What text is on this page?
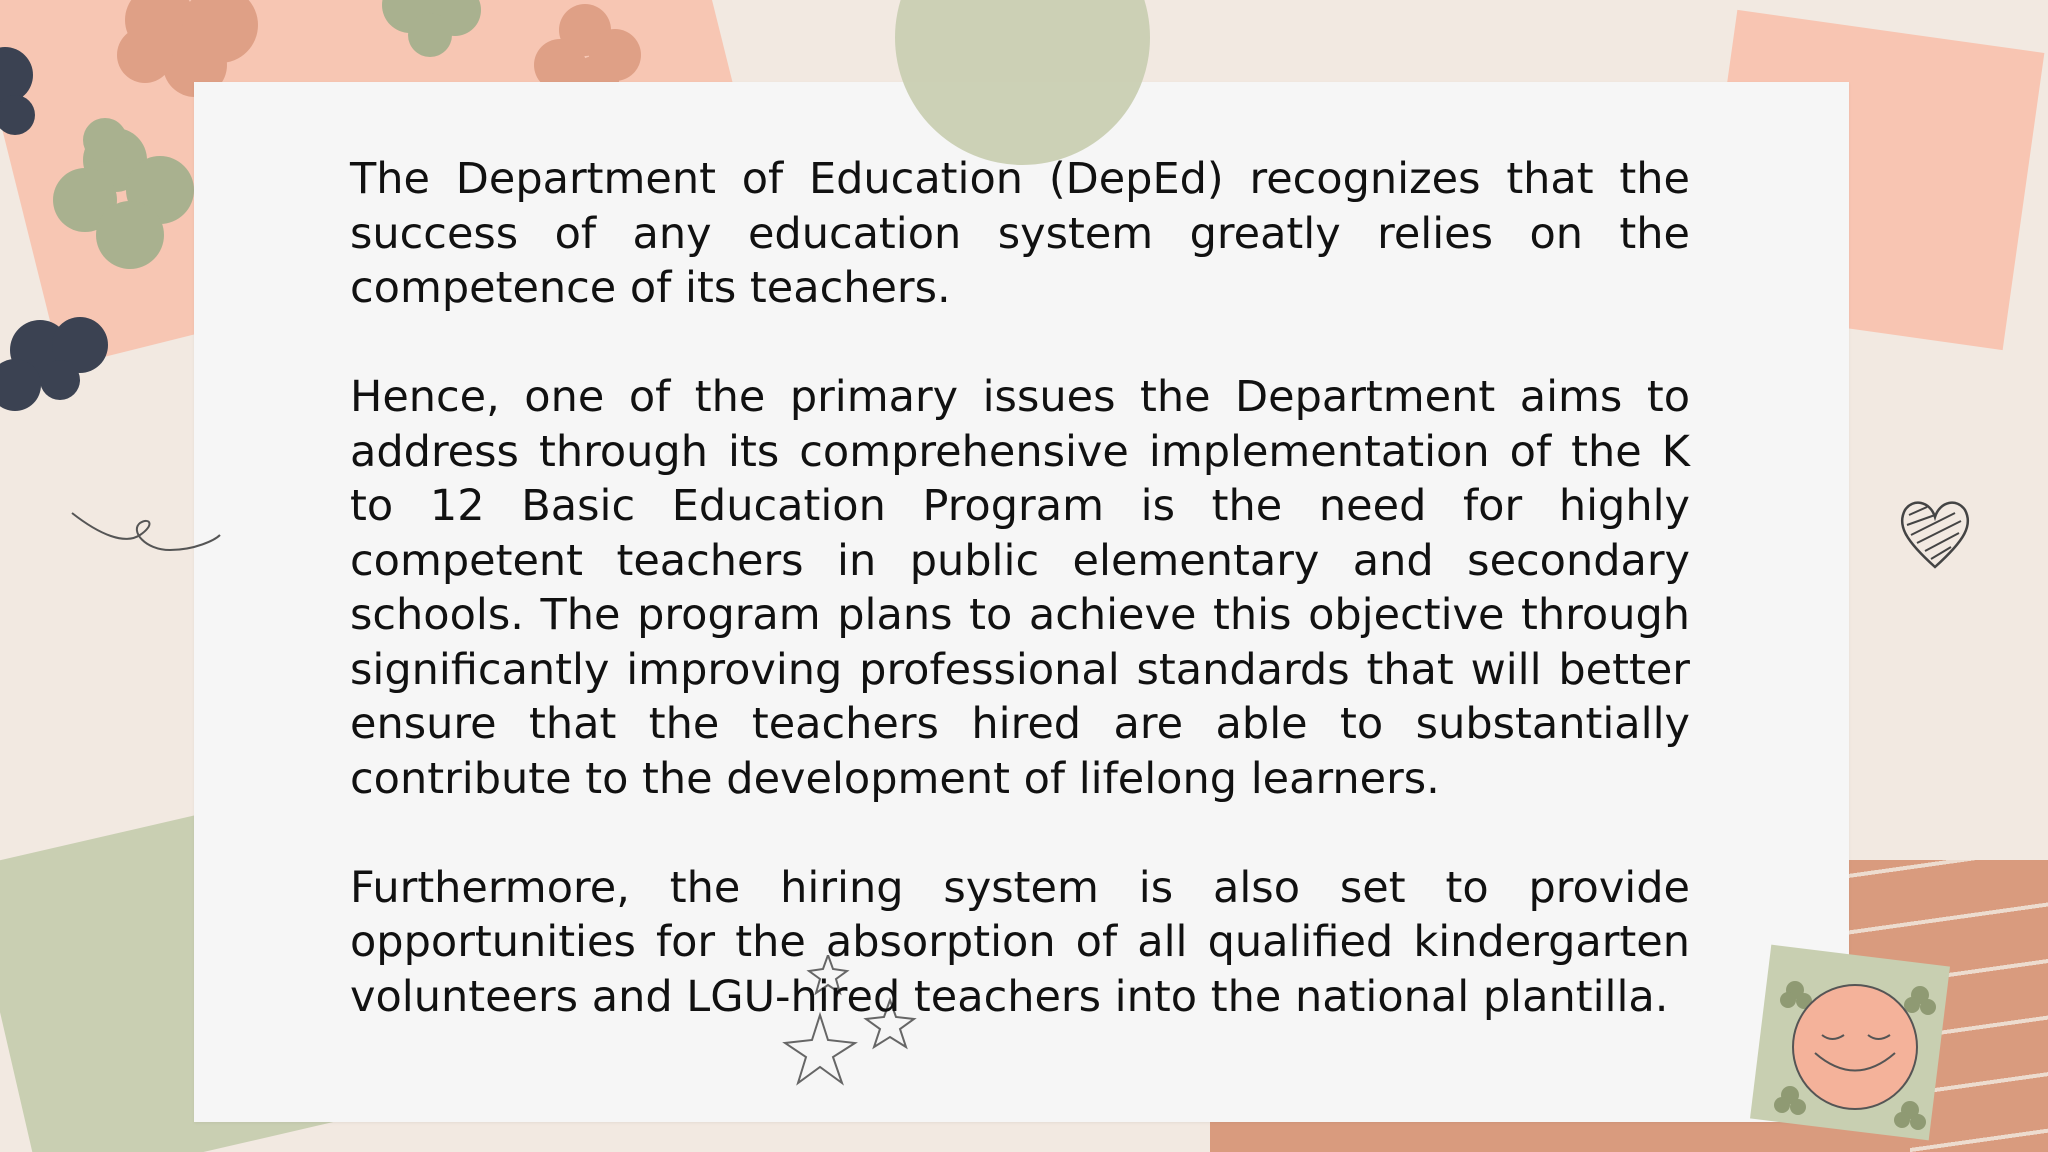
The Department of Education (DepEd) recognizes that the success of any education system greatly relies on the competence of its teachers.

Hence, one of the primary issues the Department aims to address through its comprehensive implementation of the K to 12 Basic Education Program is the need for highly competent teachers in public elementary and secondary schools. The program plans to achieve this objective through significantly improving professional standards that will better ensure that the teachers hired are able to substantially contribute to the development of lifelong learners.

Furthermore, the hiring system is also set to provide opportunities for the absorption of all qualified kindergarten volunteers and LGU-hired teachers into the national plantilla.
